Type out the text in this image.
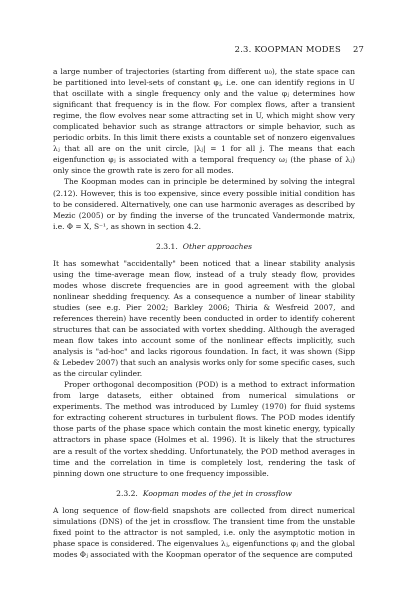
2.3. KOOPMAN MODES 27

a large number of trajectories (starting from different u₀), the state space can be partitioned into level-sets of constant φⱼ, i.e. one can identify regions in U that oscillate with a single frequency only and the value φⱼ determines how significant that frequency is in the flow. For complex flows, after a transient regime, the flow evolves near some attracting set in U, which might show very complicated behavior such as strange attractors or simple behavior, such as periodic orbits. In this limit there exists a countable set of nonzero eigenvalues λⱼ that all are on the unit circle, |λⱼ| = 1 for all j. The means that each eigenfunction φⱼ is associated with a temporal frequency ωⱼ (the phase of λⱼ) only since the growth rate is zero for all modes.

The Koopman modes can in principle be determined by solving the integral (2.12). However, this is too expensive, since every possible initial condition has to be considered. Alternatively, one can use harmonic averages as described by Mezic (2005) or by finding the inverse of the truncated Vandermonde matrix, i.e. Φ = X, S⁻¹, as shown in section 4.2.

2.3.1. Other approaches

It has somewhat "accidentally" been noticed that a linear stability analysis using the time-average mean flow, instead of a truly steady flow, provides modes whose discrete frequencies are in good agreement with the global nonlinear shedding frequency. As a consequence a number of linear stability studies (see e.g. Pier 2002; Barkley 2006; Thiria & Wesfreid 2007, and references therein) have recently been conducted in order to identify coherent structures that can be associated with vortex shedding. Although the averaged mean flow takes into account some of the nonlinear effects implicitly, such analysis is "ad-hoc" and lacks rigorous foundation. In fact, it was shown (Sipp & Lebedev 2007) that such an analysis works only for some specific cases, such as the circular cylinder.

Proper orthogonal decomposition (POD) is a method to extract information from large datasets, either obtained from numerical simulations or experiments. The method was introduced by Lumley (1970) for fluid systems for extracting coherent structures in turbulent flows. The POD modes identify those parts of the phase space which contain the most kinetic energy, typically attractors in phase space (Holmes et al. 1996). It is likely that the structures are a result of the vortex shedding. Unfortunately, the POD method averages in time and the correlation in time is completely lost, rendering the task of pinning down one structure to one frequency impossible.

2.3.2. Koopman modes of the jet in crossflow

A long sequence of flow-field snapshots are collected from direct numerical simulations (DNS) of the jet in crossflow. The transient time from the unstable fixed point to the attractor is not sampled, i.e. only the asymptotic motion in phase space is considered. The eigenvalues λⱼ, eigenfunctions φⱼ and the global modes Φⱼ associated with the Koopman operator of the sequence are computed
